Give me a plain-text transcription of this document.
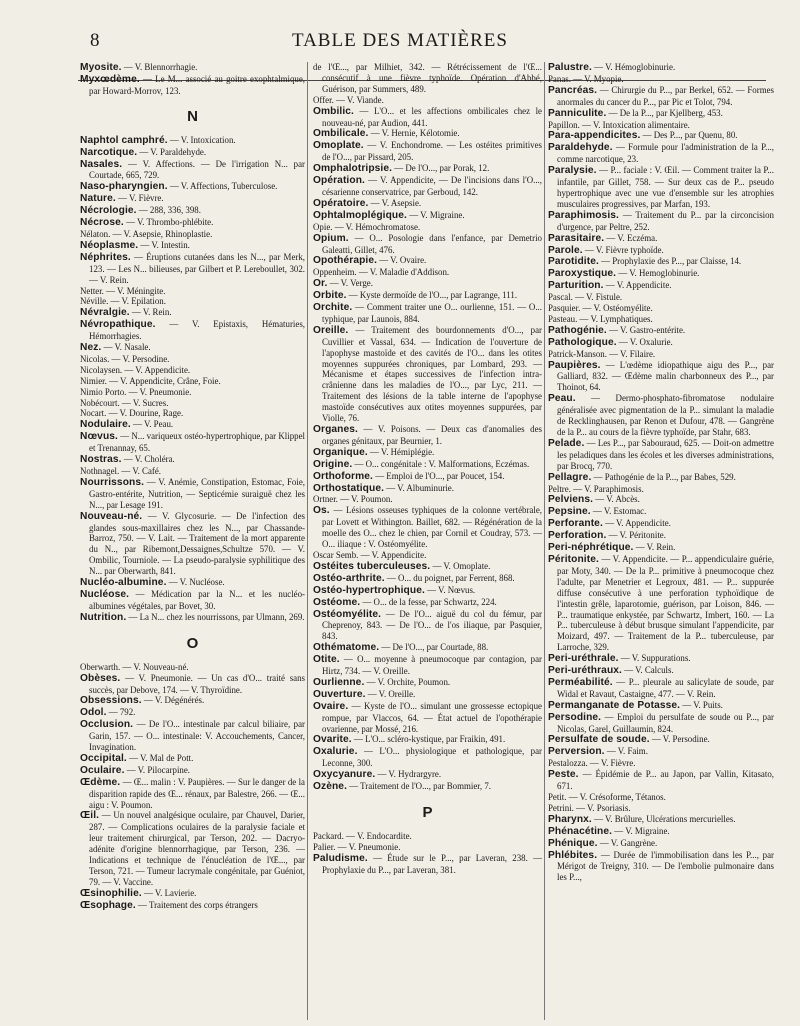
8	TABLE DES MATIÈRES

Myosite. — V. Blennorrhagie.

Myxœdème. — Le M... associé au goitre exophtalmique, par Howard-Morrov, 123.

N

Naphtol camphré. — V. Intoxication.

Narcotique. — V. Paraldehyde.

Nasales. — V. Affections. — De l'irrigation N... par Courtade, 665, 729.

Naso-pharyngien. — V. Affections, Tuberculose.

Nature. — V. Fièvre.

Nécrologie. — 288, 336, 398.

Nécrose. — V. Thrombo-phlébite.

Nélaton. — V. Asepsie, Rhinoplastie.

Néoplasme. — V. Intestin.

Néphrites. — Éruptions cutanées dans les N..., par Merk, 123. — Les N... bilieuses, par Gilbert et P. Lereboullet, 302. — V. Rein.

Netter. — V. Méningite.

Néville. — V. Epilation.

Névralgie. — V. Rein.

Névropathique. — V. Epistaxis, Hématuries, Hémorrhagies.

Nez. — V. Nasale.

Nicolas. — V. Persodine.

Nicolaysen. — V. Appendicite.

Nimier. — V. Appendicite, Crâne, Foie.

Nimio Porto. — V. Pneumonie.

Nobécourt. — V. Sucres.

Nocart. — V. Dourine, Rage.

Nodulaire. — V. Peau.

Nœvus. — N... variqueux ostéo-hypertrophique, par Klippel et Trenannay, 65.

Nostras. — V. Choléra.

Nothnagel. — V. Café.

Nourrissons. — V. Anémie, Constipation, Estomac, Foie, Gastro-entérite, Nutrition, — Septicémie suraiguë chez les N..., par Lesage 191.

Nouveau-né. — V. Glycosurie. — De l'infection des glandes sous-maxillaires chez les N..., par Chassande-Barroz, 750. — V. Lait. — Traitement de la mort apparente du N.., par Ribemont,Dessaignes,Schultze 570. — V. Ombilic, Tourniole. — La pseudo-paralysie syphilitique des N... par Oberwarth, 841.

Nucléo-albumine. — V. Nucléose.

Nucléose. — Médication par la N... et les nucléo-albumines végétales, par Bovet, 30.

Nutrition. — La N... chez les nourrissons, par Ulmann, 269.

O

Oberwarth. — V. Nouveau-né.

Obèses. — V. Pneumonie. — Un cas d'O... traité sans succès, par Debove, 174. — V. Thyroïdine.

Obsessions. — V. Dégénérés.

Odol. — 792.

Occlusion. — De l'O... intestinale par calcul biliaire, par Garin, 157. — O... intestinale: V. Accouchements, Cancer, Invagination.

Occipital. — V. Mal de Pott.

Oculaire. — V. Pilocarpine.

Œdème. — Œ... malin : V. Paupières. — Sur le danger de la disparition rapide des Œ... rénaux, par Balestre, 266. — Œ... aigu : V. Poumon.

Œil. — Un nouvel analgésique oculaire, par Chauvel, Darier, 287. — Complications oculaires de la paralysie faciale et leur traitement chirurgical, par Terson, 202. — Dacryo-adénite d'origine blennorrhagique, par Terson, 236. — Indications et technique de l'énucléation de l'Œ..., par Terson, 721. — Tumeur lacrymale congénitale, par Guéniot, 79. — V. Vaccine.

Œsinophilie. — V. Lavierie.

Œsophage. — Traitement des corps étrangers

de l'Œ..., par Milhiet, 342. — Rétrécissement de l'Œ... consécutif à une fièvre typhoïde. Opération d'Abbé, Guérison, par Summers, 489.

Offer. — V. Viande.

Ombilic. — L'O... et les affections ombilicales chez le nouveau-né, par Audion, 441.

Ombilicale. — V. Hernie, Kélotomie.

Omoplate. — V. Enchondrome. — Les ostéites primitives de l'O..., par Pissard, 205.

Omphalotripsie. — De l'O..., par Porak, 12.

Opération. — V. Appendicite, — De l'incisions dans l'O..., césarienne conservatrice, par Gerboud, 142.

Opératoire. — V. Asepsie.

Ophtalmoplégique. — V. Migraine.

Opie. — V. Hémochromatose.

Opium. — O... Posologie dans l'enfance, par Demetrio Galeatti, Gillet, 476.

Opothérapie. — V. Ovaire.

Oppenheim. — V. Maladie d'Addison.

Or. — V. Verge.

Orbite. — Kyste dermoïde de l'O..., par Lagrange, 111.

Orchite. — Comment traiter une O... ourlienne, 151. — O... typhique, par Launois, 884.

Oreille. — Traitement des bourdonnements d'O..., par Cuvillier et Vassal, 634. — Indication de l'ouverture de l'apophyse mastoïde et des cavités de l'O... dans les otites moyennes suppurées chroniques, par Lombard, 293. — Mécanisme et étapes successives de l'infection intra-crânienne dans les maladies de l'O..., par Lyc, 211. — Traitement des lésions de la table interne de l'apophyse mastoïde consécutives aux otites moyennes suppurées, par Violle, 76.

Organes. — V. Poisons. — Deux cas d'anomalies des organes génitaux, par Beurnier, 1.

Organique. — V. Hémiplégie.

Origine. — O... congénitale : V. Malformations, Eczémas.

Orthoforme. — Emploi de l'O..., par Poucet, 154.

Orthostatique. — V. Albuminurie.

Ortner. — V. Poumon.

Os. — Lésions osseuses typhiques de la colonne vertébrale, par Lovett et Withington. Baillet, 682. — Régénération de la moelle des O... chez le chien, par Cornil et Coudray, 573. — O... iliaque : V. Ostéomyélite.

Oscar Semb. — V. Appendicite.

Ostéites tuberculeuses. — V. Omoplate.

Ostéo-arthrite. — O... du poignet, par Ferrent, 868.

Ostéo-hypertrophique. — V. Nœvus.

Ostéome. — O... de la fesse, par Schwartz, 224.

Ostéomyélite. — De l'O... aiguë du col du fémur, par Cheprenoy, 843. — De l'O... de l'os iliaque, par Pasquier, 843.

Othématome. — De l'O..., par Courtade, 88.

Otite. — O... moyenne à pneumocoque par contagion, par Hirtz, 734. — V. Oreille.

Ourlienne. — V. Orchite, Poumon.

Ouverture. — V. Oreille.

Ovaire. — Kyste de l'O... simulant une grossesse ectopique rompue, par Vlaccos, 64. — État actuel de l'opothérapie ovarienne, par Mossé, 216.

Ovarite. — L'O... scléro-kystique, par Fraikin, 491.

Oxalurie. — L'O... physiologique et pathologique, par Leconne, 300.

Oxycyanure. — V. Hydrargyre.

Ozène. — Traitement de l'O..., par Bommier, 7.

P

Packard. — V. Endocardite.

Palier. — V. Pneumonie.

Paludisme. — Étude sur le P..., par Laveran, 238. — Prophylaxie du P..., par Laveran, 381.

Palustre. — V. Hémoglobinurie.

Panas. — V. Myopie.

Pancréas. — Chirurgie du P..., par Berkel, 652. — Formes anormales du cancer du P..., par Pic et Tolot, 794.

Panniculite. — De la P..., par Kjellberg, 453.

Papillon. — V. Intoxication alimentaire.

Para-appendicites. — Des P..., par Quenu, 80.

Paraldehyde. — Formule pour l'administration de la P..., comme narcotique, 23.

Paralysie. — P... faciale : V. Œil. — Comment traiter la P... infantile, par Gillet, 758. — Sur deux cas de P... pseudo hypertrophique avec une vue d'ensemble sur les atrophies musculaires progressives, par Marfan, 193.

Paraphimosis. — Traitement du P... par la circoncision d'urgence, par Peltre, 252.

Parasitaire. — V. Eczéma.

Parole. — V. Fièvre typhoïde.

Parotidite. — Prophylaxie des P..., par Claisse, 14.

Paroxystique. — V. Hemoglobinurie.

Parturition. — V. Appendicite.

Pascal. — V. Fistule.

Pasquier. — V. Ostéomyélite.

Pasteau. — V. Lymphatiques.

Pathogénie. — V. Gastro-entérite.

Pathologique. — V. Oxalurie.

Patrick-Manson. — V. Filaire.

Paupières. — L'œdème idiopathique aigu des P..., par Galliard, 832. — Œdème malin charbonneux des P..., par Thoinot, 64.

Peau. — Dermo-phosphato-fibromatose nodulaire généralisée avec pigmentation de la P... simulant la maladie de Recklinghausen, par Renon et Dufour, 478. — Gangrène de la P... au cours de la fièvre typhoïde, par Stahr, 683.

Pelade. — Les P..., par Sabouraud, 625. — Doit-on admettre les peladiques dans les écoles et les diverses administrations, par Brocq, 770.

Pellagre. — Pathogénie de la P..., par Babes, 529.

Peltre. — V. Paraphimosis.

Pelviens. — V. Abcès.

Pepsine. — V. Estomac.

Perforante. — V. Appendicite.

Perforation. — V. Péritonite.

Peri-néphrétique. — V. Rein.

Péritonite. — V. Appendicite. — P... appendiculaire guérie, par Moty, 340. — De la P... primitive à pneumocoque chez l'adulte, par Menetrier et Legroux, 481. — P... suppurée diffuse consécutive à une perforation typhoïdique de l'intestin grêle, laparotomie, guérison, par Loison, 846. — P... traumatique enkystée, par Schwartz, Imbert, 160. — La P... tuberculeuse à début brusque simulant l'appendicite, par Moizard, 497. — Traitement de la P... tuberculeuse, par Larroche, 329.

Peri-uréthrale. — V. Suppurations.

Peri-uréthraux. — V. Calculs.

Perméabilité. — P... pleurale au salicylate de soude, par Widal et Ravaut, Castaigne, 477. — V. Rein.

Permanganate de Potasse. — V. Puits.

Persodine. — Emploi du persulfate de soude ou P..., par Nicolas, Garel, Guillaumin, 824.

Persulfate de soude. — V. Persodine.

Perversion. — V. Faim.

Pestalozza. — V. Fièvre.

Peste. — Épidémie de P... au Japon, par Vallin, Kitasato, 671.

Petit. — V. Crésoforme, Tétanos.

Petrini. — V. Psoriasis.

Pharynx. — V. Brûlure, Ulcérations mercurielles.

Phénacétine. — V. Migraine.

Phénique. — V. Gangrène.

Phlébites. — Durée de l'immobilisation dans les P..., par Mérigot de Treigny, 310. — De l'embolie pulmonaire dans les P...,
